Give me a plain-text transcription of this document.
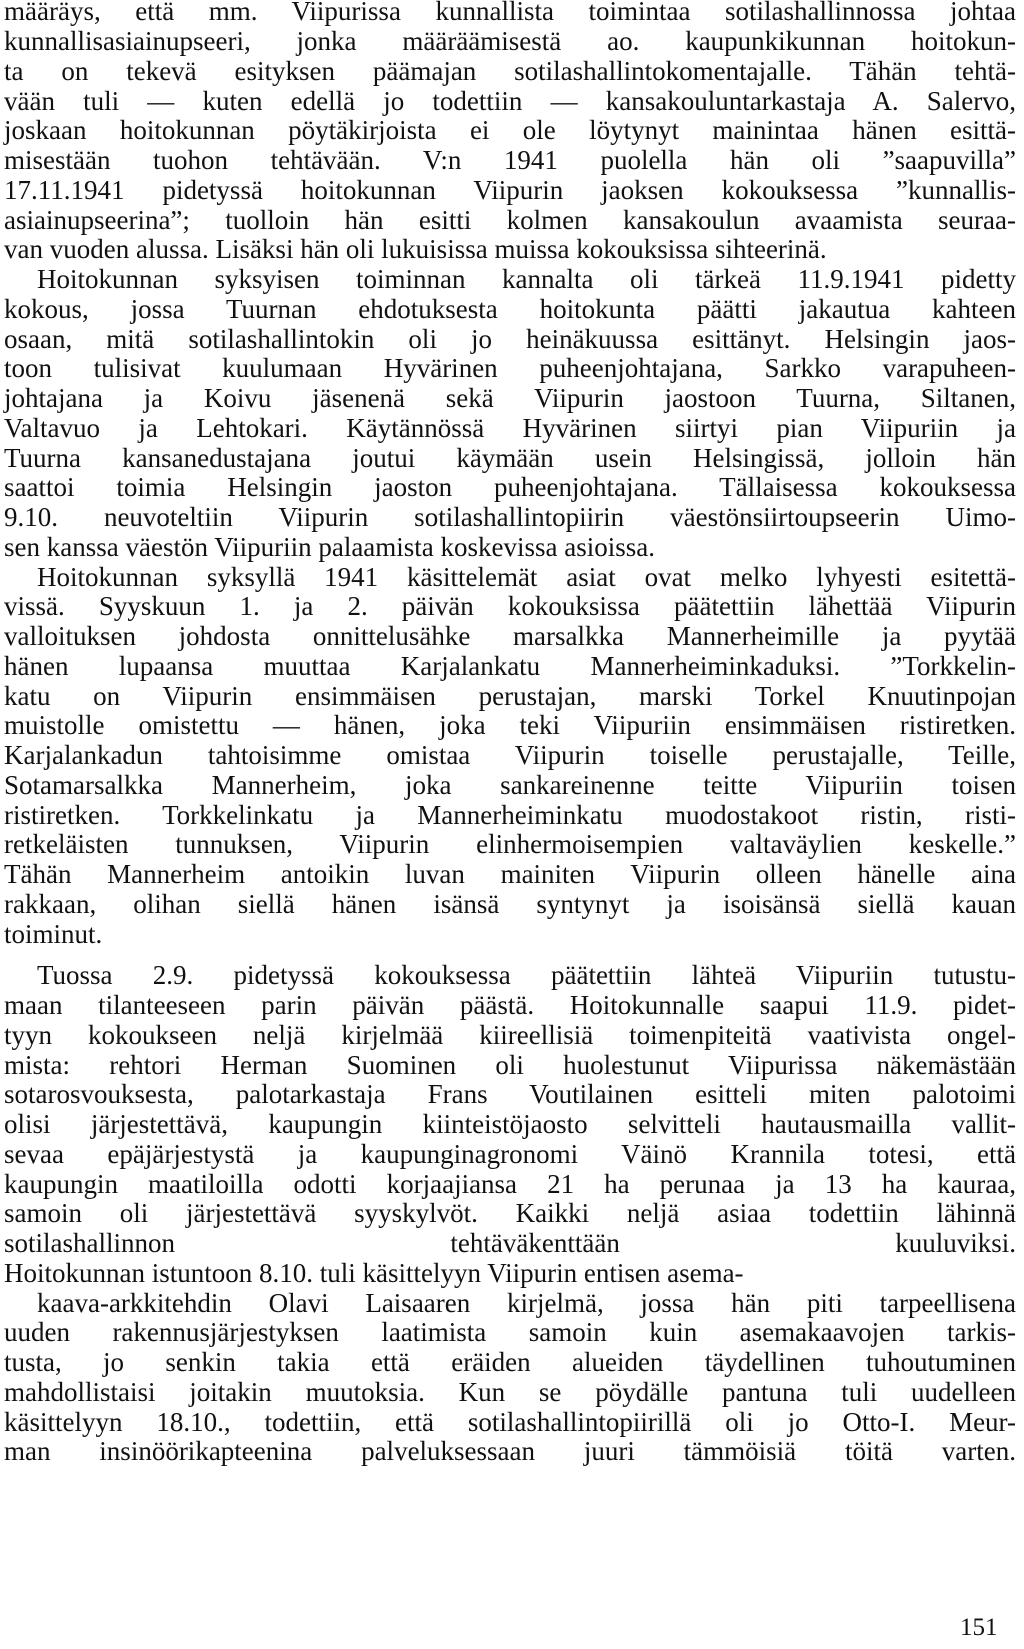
määräys, että mm. Viipurissa kunnallista toimintaa sotilashallinnossa johtaa
kunnallisasiainupseeri, jonka määräämisestä ao. kaupunkikunnan hoitokun-
ta on tekevä esityksen päämajan sotilashallintokomentajalle. Tähän tehtä-
vään tuli — kuten edellä jo todettiin — kansakouluntarkastaja A. Salervo,
joskaan hoitokunnan pöytäkirjoista ei ole löytynyt mainintaa hänen esittä-
misestään tuohon tehtävään. V:n 1941 puolella hän oli ”saapuvilla”
17.11.1941 pidetyssä hoitokunnan Viipurin jaoksen kokouksessa ”kunnallis-
asiainupseerina”; tuolloin hän esitti kolmen kansakoulun avaamista seuraa-
van vuoden alussa. Lisäksi hän oli lukuisissa muissa kokouksissa sihteerinä.
Hoitokunnan syksyisen toiminnan kannalta oli tärkeä 11.9.1941 pidetty
kokous, jossa Tuurnan ehdotuksesta hoitokunta päätti jakautua kahteen
osaan, mitä sotilashallintokin oli jo heinäkuussa esittänyt. Helsingin jaos-
toon tulisivat kuulumaan Hyvärinen puheenjohtajana, Sarkko varapuheen-
johtajana ja Koivu jäsenenä sekä Viipurin jaostoon Tuurna, Siltanen,
Valtavuo ja Lehtokari. Käytännössä Hyvärinen siirtyi pian Viipuriin ja
Tuurna kansanedustajana joutui käymään usein Helsingissä, jolloin hän
saattoi toimia Helsingin jaoston puheenjohtajana. Tällaisessa kokouksessa
9.10. neuvoteltiin Viipurin sotilashallintopiirin väestönsiirtoupseerin Uimo-
sen kanssa väestön Viipuriin palaamista koskevissa asioissa.
Hoitokunnan syksyllä 1941 käsittelemät asiat ovat melko lyhyesti esitettä-
vissä. Syyskuun 1. ja 2. päivän kokouksissa päätettiin lähettää Viipurin
valloituksen johdosta onnittelusähke marsalkka Mannerheimille ja pyytää
hänen lupaansa muuttaa Karjalankatu Mannerheiminkaduksi. ”Torkkelin-
katu on Viipurin ensimmäisen perustajan, marski Torkel Knuutinpojan
muistolle omistettu — hänen, joka teki Viipuriin ensimmäisen ristiretken.
Karjalankadun tahtoisimme omistaa Viipurin toiselle perustajalle, Teille,
Sotamarsalkka Mannerheim, joka sankareinenne teitte Viipuriin toisen
ristiretken. Torkkelinkatu ja Mannerheiminkatu muodostakoot ristin, risti-
retkeläisten tunnuksen, Viipurin elinhermoisempien valtaväylien keskelle.”
Tähän Mannerheim antoikin luvan mainiten Viipurin olleen hänelle aina
rakkaan, olihan siellä hänen isänsä syntynyt ja isoisänsä siellä kauan
toiminut.
Tuossa 2.9. pidetyssä kokouksessa päätettiin lähteä Viipuriin tutustu-
maan tilanteeseen parin päivän päästä. Hoitokunnalle saapui 11.9. pidet-
tyyn kokoukseen neljä kirjelmää kiireellisiä toimenpiteitä vaativista ongel-
mista: rehtori Herman Suominen oli huolestunut Viipurissa näkemästään
sotarosvouksesta, palotarkastaja Frans Voutilainen esitteli miten palotoimi
olisi järjestettävä, kaupungin kiinteistöjaosto selvitteli hautausmailla vallit-
sevaa epäjärjestystä ja kaupunginagronomi Väinö Krannila totesi, että
kaupungin maatiloilla odotti korjaajiansa 21 ha perunaa ja 13 ha kauraa,
samoin oli järjestettävä syyskylvöt. Kaikki neljä asiaa todettiin lähinnä
sotilashallinnon tehtäväkenttään kuuluviksi.
Hoitokunnan istuntoon 8.10. tuli käsittelyyn Viipurin entisen asema-
kaava-arkkitehdin Olavi Laisaaren kirjelmä, jossa hän piti tarpeellisena
uuden rakennusjärjestyksen laatimista samoin kuin asemakaavojen tarkis-
tusta, jo senkin takia että eräiden alueiden täydellinen tuhoutuminen
mahdollistaisi joitakin muutoksia. Kun se pöydälle pantuna tuli uudelleen
käsittelyyn 18.10., todettiin, että sotilashallintopiirillä oli jo Otto-I. Meur-
man insinöörikapteenina palveluksessaan juuri tämmöisiä töitä varten.
151
